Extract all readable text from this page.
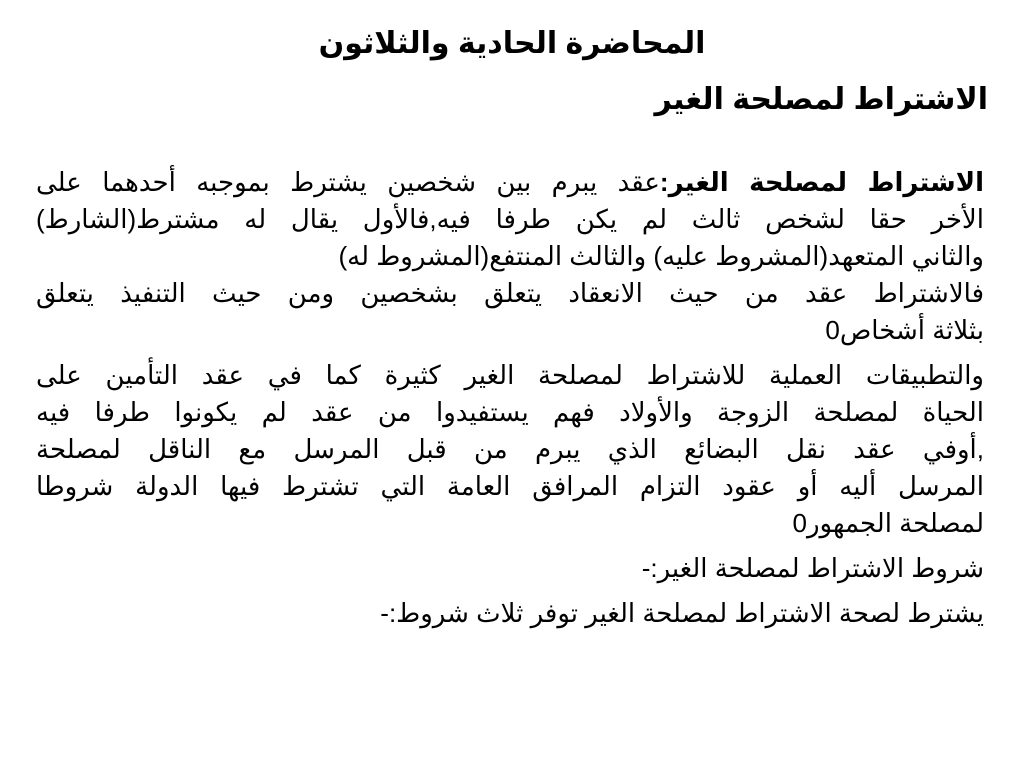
المحاضرة الحادية والثلاثون
الاشتراط لمصلحة الغير
الاشتراط لمصلحة الغير:عقد يبرم بين شخصين يشترط بموجبه أحدهما على
الأخر حقا لشخص ثالث لم يكن طرفا فيه,فالأول يقال له مشترط(الشارط)
والثاني المتعهد(المشروط عليه) والثالث المنتفع(المشروط له)
فالاشتراط عقد من حيث الانعقاد يتعلق بشخصين ومن حيث التنفيذ يتعلق
بثلاثة أشخاص0
والتطبيقات العملية للاشتراط لمصلحة الغير كثيرة كما في عقد التأمين على
الحياة لمصلحة الزوجة والأولاد فهم يستفيدوا من عقد لم يكونوا طرفا فيه
,أوفي عقد نقل البضائع الذي يبرم من قبل المرسل مع الناقل لمصلحة
المرسل أليه أو عقود التزام المرافق العامة التي تشترط فيها الدولة شروطا
لمصلحة الجمهور0
شروط الاشتراط لمصلحة الغير:-
يشترط لصحة الاشتراط لمصلحة الغير توفر ثلاث شروط:-
